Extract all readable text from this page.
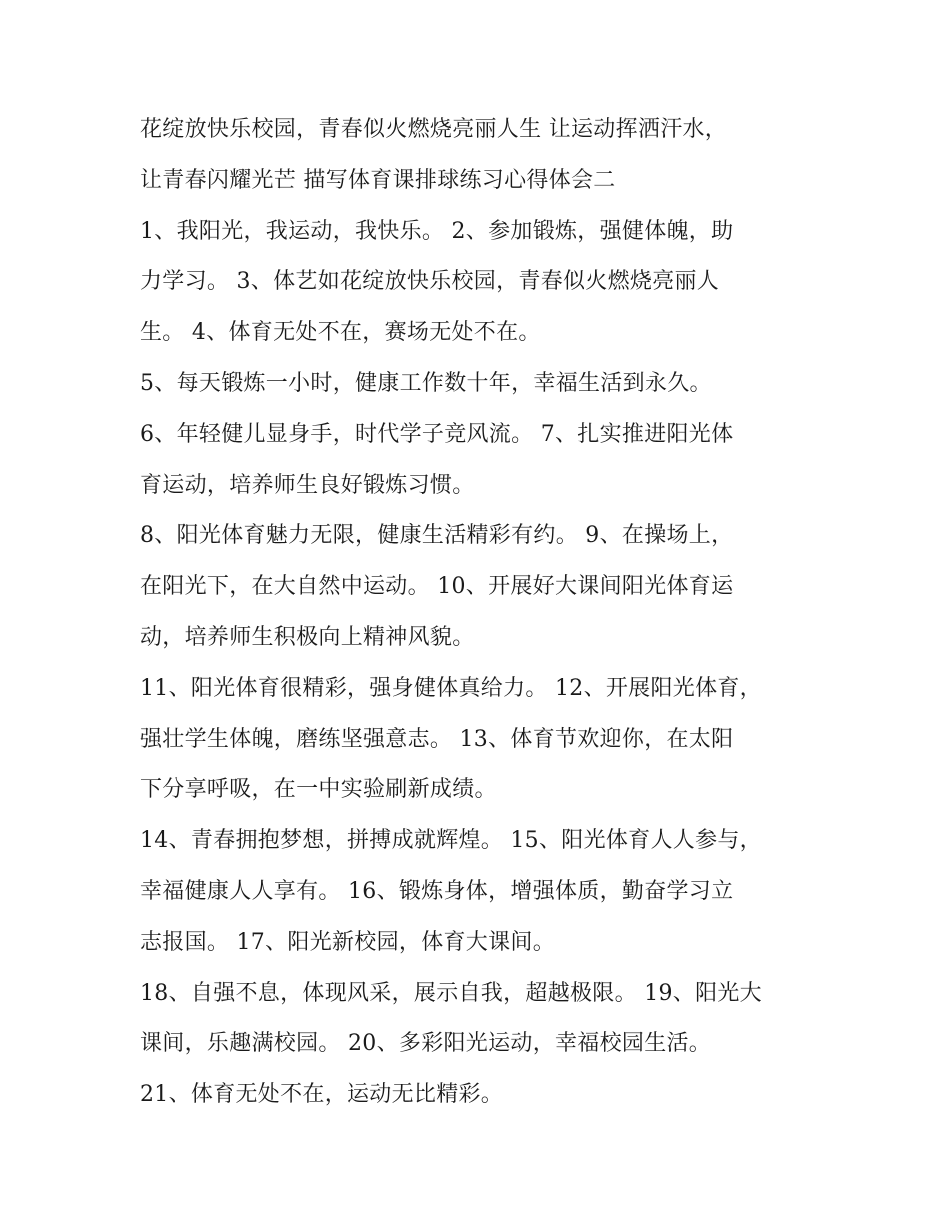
花绽放快乐校园，青春似火燃烧亮丽人生 让运动挥洒汗水，
让青春闪耀光芒 描写体育课排球练习心得体会二
1、我阳光，我运动，我快乐。 2、参加锻炼，强健体魄，助
力学习。 3、体艺如花绽放快乐校园，青春似火燃烧亮丽人
生。 4、体育无处不在，赛场无处不在。
5、每天锻炼一小时，健康工作数十年，幸福生活到永久。
6、年轻健儿显身手，时代学子竞风流。 7、扎实推进阳光体
育运动，培养师生良好锻炼习惯。
8、阳光体育魅力无限，健康生活精彩有约。 9、在操场上，
在阳光下，在大自然中运动。 10、开展好大课间阳光体育运
动，培养师生积极向上精神风貌。
11、阳光体育很精彩，强身健体真给力。 12、开展阳光体育，
强壮学生体魄，磨练坚强意志。 13、体育节欢迎你，在太阳
下分享呼吸，在一中实验刷新成绩。
14、青春拥抱梦想，拼搏成就辉煌。 15、阳光体育人人参与，
幸福健康人人享有。 16、锻炼身体，增强体质，勤奋学习立
志报国。 17、阳光新校园，体育大课间。
18、自强不息，体现风采，展示自我，超越极限。 19、阳光大
课间，乐趣满校园。 20、多彩阳光运动，幸福校园生活。
21、体育无处不在，运动无比精彩。
